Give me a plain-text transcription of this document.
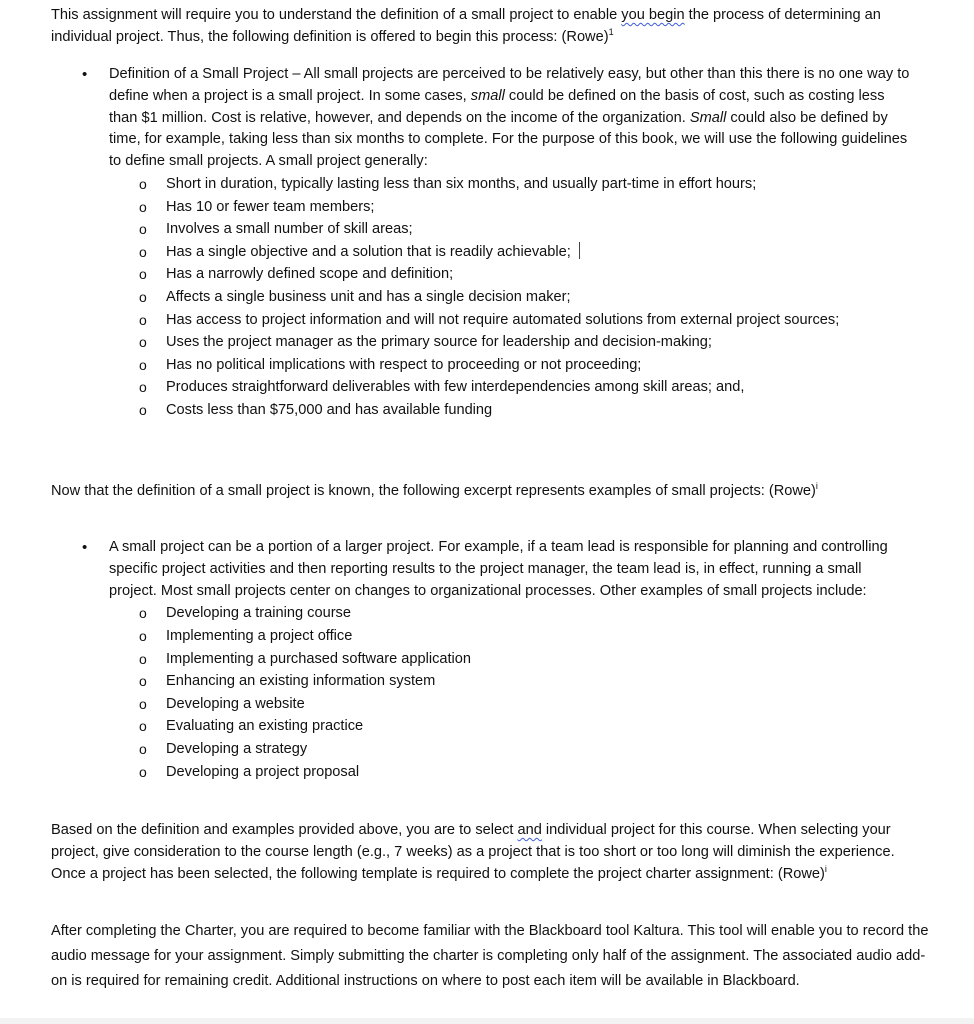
This assignment will require you to understand the definition of a small project to enable you begin the process of determining an individual project. Thus, the following definition is offered to begin this process: (Rowe)$^1$

• Definition of a Small Project – All small projects are perceived to be relatively easy, but other than this there is no one way to define when a project is a small project. In some cases, small could be defined on the basis of cost, such as costing less than $1 million. Cost is relative, however, and depends on the income of the organization. Small could also be defined by time, for example, taking less than six months to complete. For the purpose of this book, we will use the following guidelines to define small projects. A small project generally:

o Short in duration, typically lasting less than six months, and usually part-time in effort hours;
o Has 10 or fewer team members;
o Involves a small number of skill areas;
o Has a single objective and a solution that is readily achievable;
o Has a narrowly defined scope and definition;
o Affects a single business unit and has a single decision maker;
o Has access to project information and will not require automated solutions from external project sources;
o Uses the project manager as the primary source for leadership and decision-making;
o Has no political implications with respect to proceeding or not proceeding;
o Produces straightforward deliverables with few interdependencies among skill areas; and,
o Costs less than $75,000 and has available funding

Now that the definition of a small project is known, the following excerpt represents examples of small projects: (Rowe)$^i$

• A small project can be a portion of a larger project. For example, if a team lead is responsible for planning and controlling specific project activities and then reporting results to the project manager, the team lead is, in effect, running a small project. Most small projects center on changes to organizational processes. Other examples of small projects include:

o Developing a training course
o Implementing a project office
o Implementing a purchased software application
o Enhancing an existing information system
o Developing a website
o Evaluating an existing practice
o Developing a strategy
o Developing a project proposal

Based on the definition and examples provided above, you are to select and individual project for this course. When selecting your project, give consideration to the course length (e.g., 7 weeks) as a project that is too short or too long will diminish the experience. Once a project has been selected, the following template is required to complete the project charter assignment: (Rowe)$^i$

After completing the Charter, you are required to become familiar with the Blackboard tool Kaltura. This tool will enable you to record the audio message for your assignment. Simply submitting the charter is completing only half of the assignment. The associated audio add-on is required for remaining credit. Additional instructions on where to post each item will be available in Blackboard.
